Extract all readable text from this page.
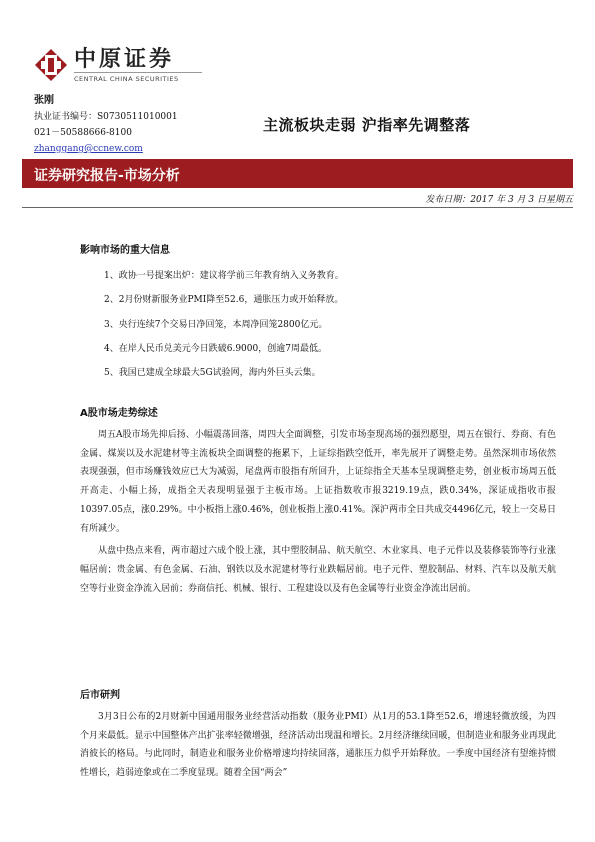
中原证券
CENTRAL CHINA SECURITIES
张刚
执业证书编号：S0730511010001
021－50588666-8100
zhanggang@ccnew.com
主流板块走弱 沪指率先调整落
证券研究报告-市场分析
发布日期：2017 年 3 月 3 日星期五
影响市场的重大信息
1、政协一号提案出炉：建议将学前三年教育纳入义务教育。
2、2月份财新服务业PMI降至52.6，通胀压力或开始释放。
3、央行连续7个交易日净回笼，本周净回笼2800亿元。
4、在岸人民币兑美元今日跌破6.9000，创逾7周最低。
5、我国已建成全球最大5G试验网，海内外巨头云集。
A股市场走势综述

周五A股市场先抑后扬、小幅震荡回落，周四大全面调整，引发市场奎现高场的强烈愿望，周五在银行、券商、有色金属、煤炭以及水泥建材等主流板块全面调整的拖累下，上证综指跌空低开，率先展开了调整走势。虽然深圳市场依然表现强强，但市场赚钱效应已大为减弱，尾盘两市股指有所回升，上证综指全天基本呈现调整走势，创业板市场周五低开高走、小幅上扬，成指全天表现明显强于主板市场。上证指数收市报3219.19点，跌0.34%，深证成指收市报10397.05点，涨0.29%。中小板指上涨0.46%，创业板指上涨0.41%。深沪两市全日共成交4496亿元，较上一交易日有所减少。

从盘中热点来看，两市超过六成个股上涨，其中塑胶制品、航天航空、木业家具、电子元件以及装修装饰等行业涨幅居前；贵金属、有色金属、石油、钢铁以及水泥建材等行业跌幅居前。电子元件、塑胶制品、材料、汽车以及航天航空等行业资金净流入居前；券商信托、机械、银行、工程建设以及有色金属等行业资金净流出居前。

后市研判

3月3日公布的2月财新中国通用服务业经营活动指数（服务业PMI）从1月的53.1降至52.6，增速轻微放缓，为四个月来最低。显示中国整体产出扩张率轻微增强，经济活动出现温和增长。2月经济继续回暖，但制造业和服务业再现此消彼长的格局。与此同时，制造业和服务业价格增速均持续回落，通胀压力似乎开始释放。一季度中国经济有望维持惯性增长，趋弱迹象或在二季度显现。随着全国“两会”
